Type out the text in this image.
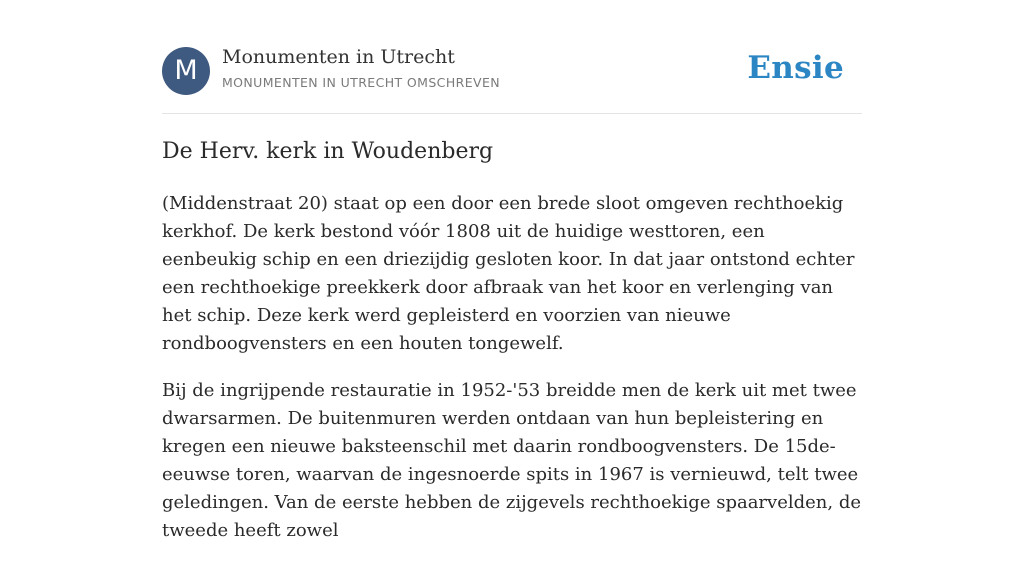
M	Monumenten in Utrecht
MONUMENTEN IN UTRECHT OMSCHREVEN	Ensie
De Herv. kerk in Woudenberg

(Middenstraat 20) staat op een door een brede sloot omgeven rechthoekig kerkhof. De kerk bestond vóór 1808 uit de huidige westtoren, een eenbeukig schip en een driezijdig gesloten koor. In dat jaar ontstond echter een rechthoekige preekkerk door afbraak van het koor en verlenging van het schip. Deze kerk werd gepleisterd en voorzien van nieuwe rondboogvensters en een houten tongewelf.

Bij de ingrijpende restauratie in 1952-'53 breidde men de kerk uit met twee dwarsarmen. De buitenmuren werden ontdaan van hun bepleistering en kregen een nieuwe baksteenschil met daarin rondboogvensters. De 15de-eeuwse toren, waarvan de ingesnoerde spits in 1967 is vernieuwd, telt twee geledingen. Van de eerste hebben de zijgevels rechthoekige spaarvelden, de tweede heeft zowel
